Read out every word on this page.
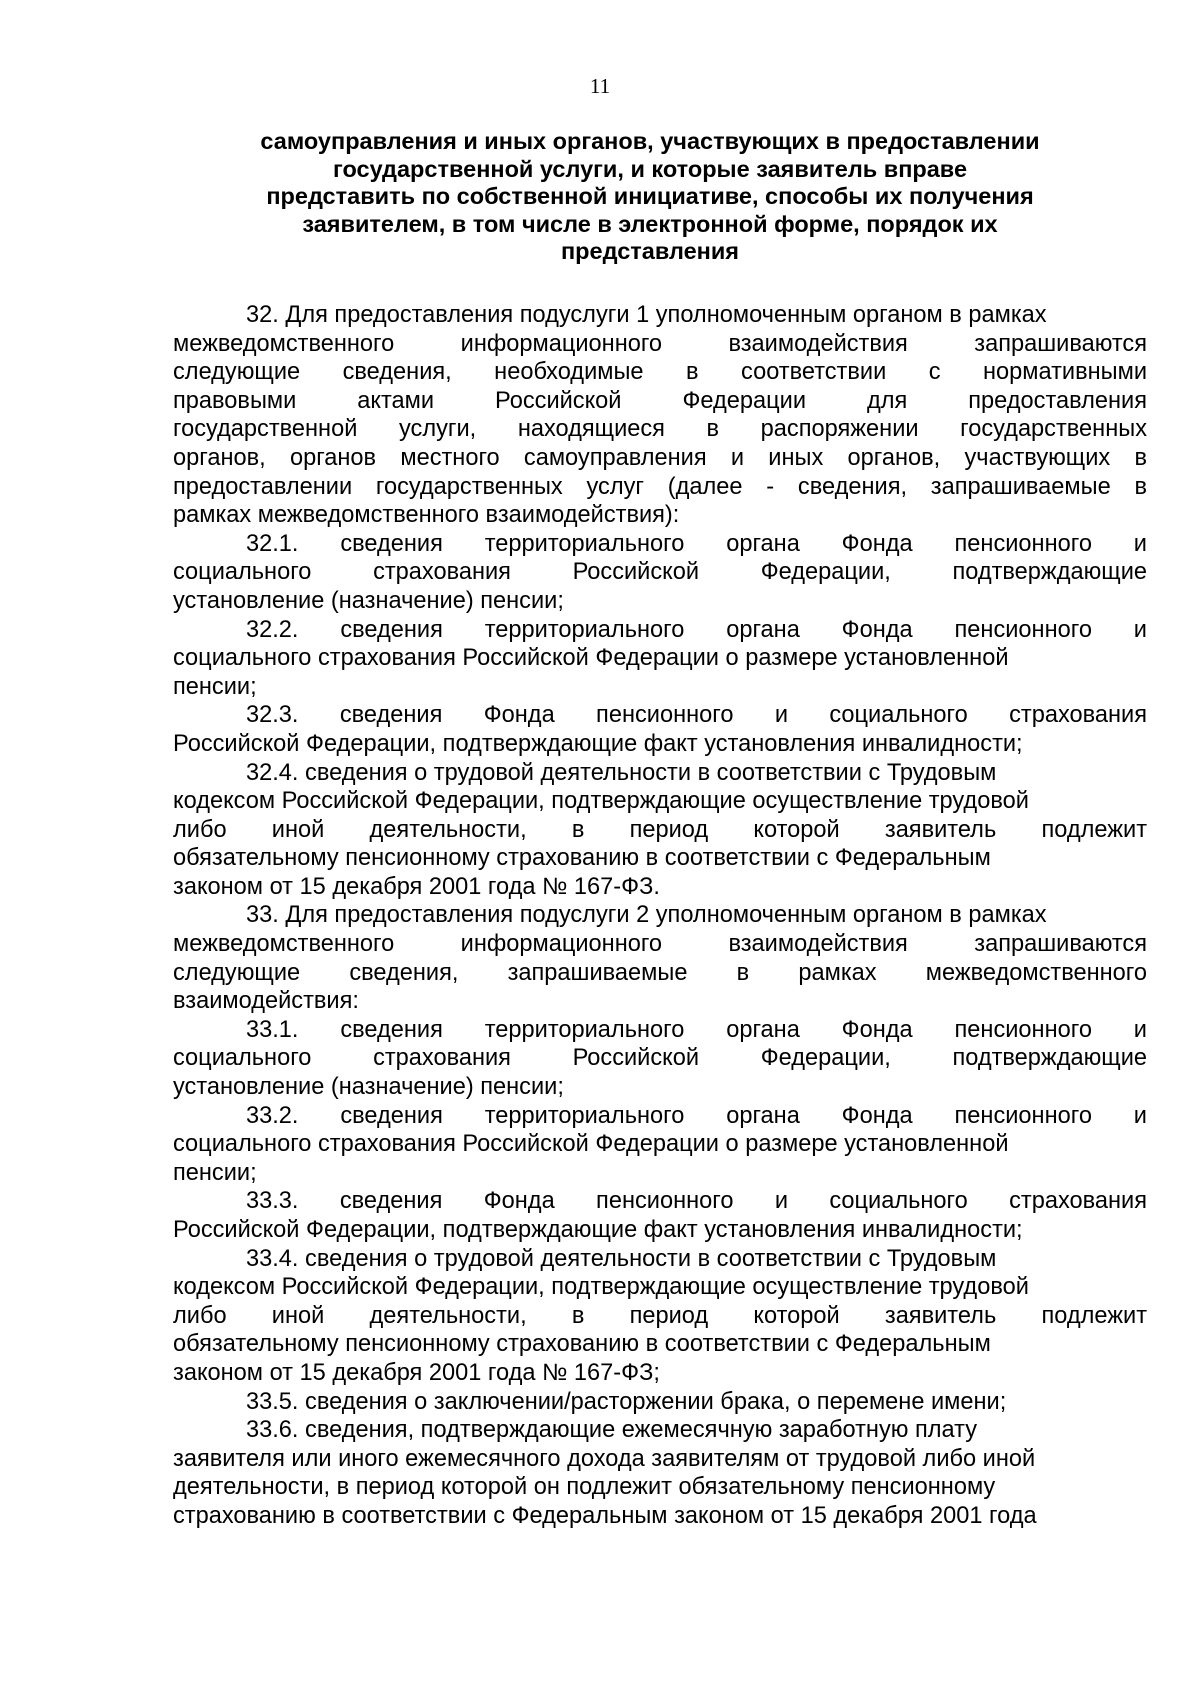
11
самоуправления и иных органов, участвующих в предоставлении
государственной услуги, и которые заявитель вправе
представить по собственной инициативе, способы их получения
заявителем, в том числе в электронной форме, порядок их
представления
32. Для предоставления подуслуги 1 уполномоченным органом в рамках
межведомственного информационного взаимодействия запрашиваются
следующие сведения, необходимые в соответствии с нормативными
правовыми актами Российской Федерации для предоставления
государственной услуги, находящиеся в распоряжении государственных
органов, органов местного самоуправления и иных органов, участвующих в
предоставлении государственных услуг (далее - сведения, запрашиваемые в
рамках межведомственного взаимодействия):
32.1. сведения территориального органа Фонда пенсионного и
социального страхования Российской Федерации, подтверждающие
установление (назначение) пенсии;
32.2. сведения территориального органа Фонда пенсионного и
социального страхования Российской Федерации о размере установленной
пенсии;
32.3. сведения Фонда пенсионного и социального страхования
Российской Федерации, подтверждающие факт установления инвалидности;
32.4. сведения о трудовой деятельности в соответствии с Трудовым
кодексом Российской Федерации, подтверждающие осуществление трудовой
либо иной деятельности, в период которой заявитель подлежит
обязательному пенсионному страхованию в соответствии с Федеральным
законом от 15 декабря 2001 года № 167-ФЗ.
33. Для предоставления подуслуги 2 уполномоченным органом в рамках
межведомственного информационного взаимодействия запрашиваются
следующие сведения, запрашиваемые в рамках межведомственного
взаимодействия:
33.1. сведения территориального органа Фонда пенсионного и
социального страхования Российской Федерации, подтверждающие
установление (назначение) пенсии;
33.2. сведения территориального органа Фонда пенсионного и
социального страхования Российской Федерации о размере установленной
пенсии;
33.3. сведения Фонда пенсионного и социального страхования
Российской Федерации, подтверждающие факт установления инвалидности;
33.4. сведения о трудовой деятельности в соответствии с Трудовым
кодексом Российской Федерации, подтверждающие осуществление трудовой
либо иной деятельности, в период которой заявитель подлежит
обязательному пенсионному страхованию в соответствии с Федеральным
законом от 15 декабря 2001 года № 167-ФЗ;
33.5. сведения о заключении/расторжении брака, о перемене имени;
33.6. сведения, подтверждающие ежемесячную заработную плату
заявителя или иного ежемесячного дохода заявителям от трудовой либо иной
деятельности, в период которой он подлежит обязательному пенсионному
страхованию в соответствии с Федеральным законом от 15 декабря 2001 года
